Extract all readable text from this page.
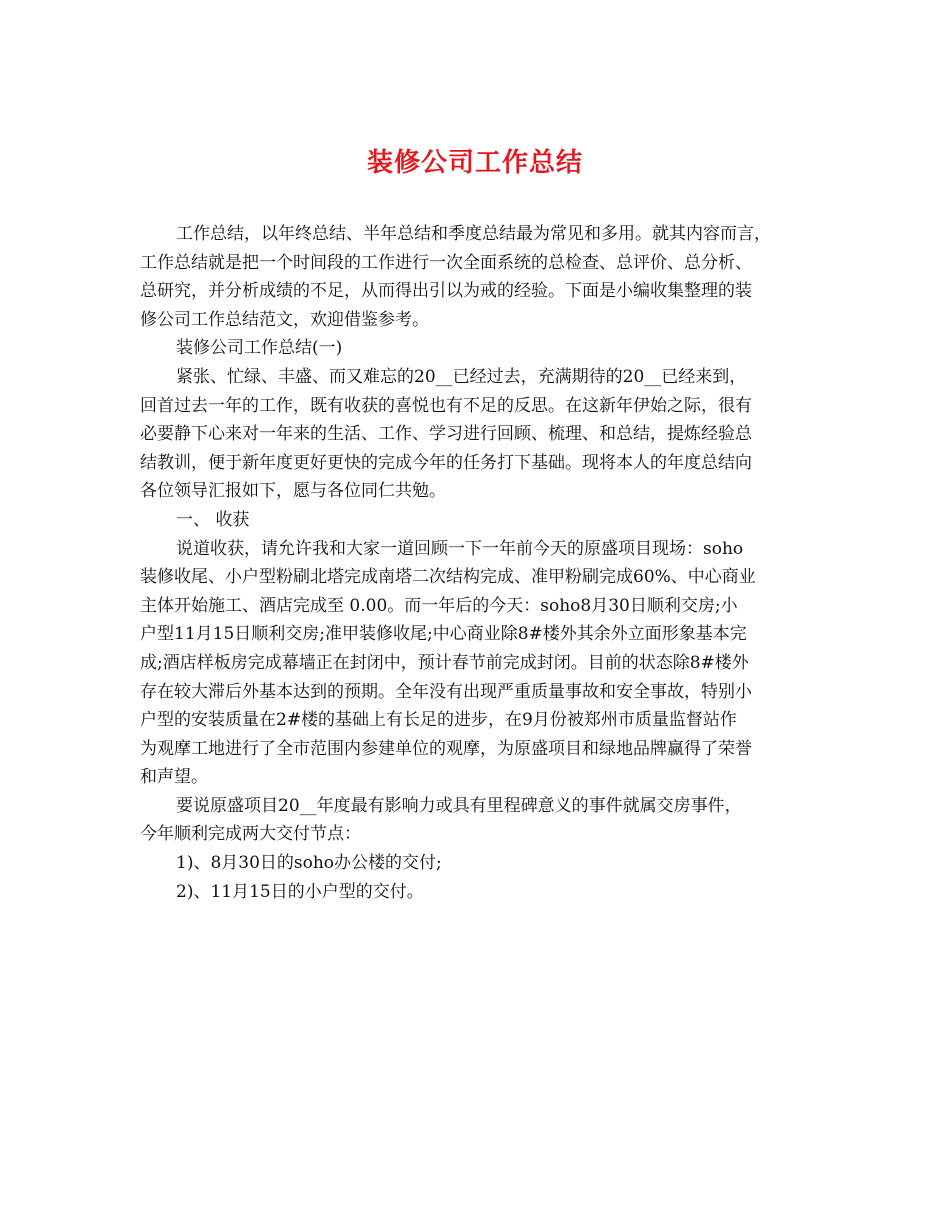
装修公司工作总结
工作总结，以年终总结、半年总结和季度总结最为常见和多用。就其内容而言，
工作总结就是把一个时间段的工作进行一次全面系统的总检查、总评价、总分析、
总研究，并分析成绩的不足，从而得出引以为戒的经验。下面是小编收集整理的装
修公司工作总结范文，欢迎借鉴参考。
装修公司工作总结(一)
紧张、忙绿、丰盛、而又难忘的20__已经过去，充满期待的20__已经来到，
回首过去一年的工作，既有收获的喜悦也有不足的反思。在这新年伊始之际，很有
必要静下心来对一年来的生活、工作、学习进行回顾、梳理、和总结，提炼经验总
结教训，便于新年度更好更快的完成今年的任务打下基础。现将本人的年度总结向
各位领导汇报如下，愿与各位同仁共勉。
一、 收获
说道收获，请允许我和大家一道回顾一下一年前今天的原盛项目现场：soho
装修收尾、小户型粉刷北塔完成南塔二次结构完成、准甲粉刷完成60%、中心商业
主体开始施工、酒店完成至 0.00。而一年后的今天：soho8月30日顺利交房;小
户型11月15日顺利交房;准甲装修收尾;中心商业除8#楼外其余外立面形象基本完
成;酒店样板房完成幕墙正在封闭中，预计春节前完成封闭。目前的状态除8#楼外
存在较大滞后外基本达到的预期。全年没有出现严重质量事故和安全事故，特别小
户型的安装质量在2#楼的基础上有长足的进步，在9月份被郑州市质量监督站作
为观摩工地进行了全市范围内参建单位的观摩，为原盛项目和绿地品牌赢得了荣誉
和声望。
要说原盛项目20__年度最有影响力或具有里程碑意义的事件就属交房事件，
今年顺利完成两大交付节点：
1)、8月30日的soho办公楼的交付;
2)、11月15日的小户型的交付。
